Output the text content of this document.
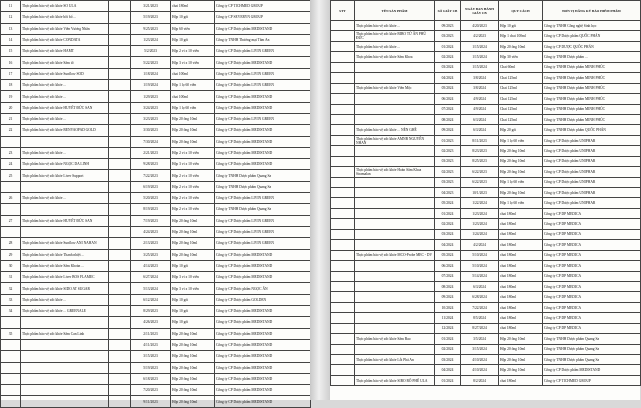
11	Thực phẩm bảo vệ sức khỏe SO ULA		3/21/2023	chai 180ml	Công ty CP TICHMED GROUP
12	Thực phẩm bảo vệ sức khỏe bồi bổ ...		5/19/2023	Hộp 10 gói	Công ty CP SEVERYN GROUP
13	Thực phẩm bảo vệ sức khỏe Viên Vương Nhân		9/25/2023	Hộp 60 viên	Công ty CP Dược phẩm MEDISTAND
14	Thực phẩm bảo vệ sức khỏe CONDATA		1/23/2024	Hộp 10 gói	Công ty TNHH Thương mại Tâm An
15	Thực phẩm bảo vệ sức khỏe HAMT		5/2/2023	Hộp 2 vỉ x 10 viên	Công ty CP Dược phẩm LIVIN GREEN
16	Thực phẩm bảo vệ sức khỏe Sâm tố		5/22/2023	Hộp 3 vỉ x 10 viên	Công ty CP Dược phẩm MEDISTAND
17	Thực phẩm bảo vệ sức khỏe Sunflow SOD		1/18/2024	chai 100ml	Công ty CP Dược phẩm LIVIN GREEN
18	Thực phẩm bảo vệ sức khỏe ...		1/19/2024	Hộp 1 lọ 60 viên	Công ty CP Dược phẩm LIVIN GREEN
19	Thực phẩm bảo vệ sức khỏe ...		1/29/2023	chai 100ml	Công ty CP Dược phẩm MEDISTAND
20	Thực phẩm bảo vệ sức khỏe HUYẾT ĐỨC SAN		3/24/2023	Hộp 1 lọ 60 viên	Công ty CP Dược phẩm MEDISTAND
21	Thực phẩm bảo vệ sức khỏe ...		3/23/2023	Hộp 20 ống 10ml	Công ty CP Dược phẩm LIVIN GREEN
22	Thực phẩm bảo vệ sức khỏe BENVAOPAD GOLD		3/30/2023	Hộp 20 ống 10ml	Công ty CP Dược phẩm MEDISTAND
			7/30/2024	Hộp 20 ống 10ml	Công ty CP Dược phẩm MEDISTAND
23	Thực phẩm bảo vệ sức khỏe ...		2/21/2023	Hộp 2 vỉ x 10 viên	Công ty CP Dược phẩm MEDISTAND
24	Thực phẩm bảo vệ sức khỏe NGỌC DA LINH		9/28/2023	Hộp 3 vỉ x 10 viên	Công ty CP Dược phẩm MEDISTAND
25	Thực phẩm bảo vệ sức khỏe Liver Support		7/22/2023	Hộp 2 vỉ x 10 viên	Công ty TNHH Dược phẩm Quang Sa
			6/19/2023	Hộp 2 vỉ x 10 viên	Công ty TNHH Dược phẩm Quang Sa
26	Thực phẩm bảo vệ sức khỏe ...		5/20/2023	Hộp 2 vỉ x 10 viên	Công ty CP Dược phẩm LIVIN GREEN
			8/19/2023	Hộp 2 vỉ x 10 viên	Công ty TNHH Dược phẩm Quang Sa
27	Thực phẩm bảo vệ sức khỏe HUYẾT ĐỨC SAN		7/19/2023	Hộp 20 ống 10ml	Công ty CP Dược phẩm LIVIN GREEN
			4/24/2023	Hộp 20 ống 10ml	Công ty CP Dược phẩm LIVIN GREEN
28	Thực phẩm bảo vệ sức khỏe Sunflow ANI NAHAN		2/13/2023	Hộp 20 ống 10ml	Công ty CP Dược phẩm LIVIN GREEN
29	Thực phẩm bảo vệ sức khỏe Thanh nhiệt ...		3/25/2023	Hộp 20 ống 10ml	Công ty CP Dược phẩm MEDISTAND
30	Thực phẩm bảo vệ sức khỏe Sâm Khoản ...		4/14/2023	Hộp 10 gói	Công ty CP Dược phẩm MEDISTAND
31	Thực phẩm bảo vệ sức khỏe Liver BOS FLAMEC		6/27/2024	Hộp 3 vỉ x 10 viên	Công ty CP Dược phẩm MEDISTAND
32	Thực phẩm bảo vệ sức khỏe SIDO AT SUGAR		5/13/2024	Hộp 3 vỉ x 10 viên	Công ty CP Dược phẩm NGỌC ÂN
33	Thực phẩm bảo vệ sức khỏe ...		6/12/2024	Hộp 10 gói	Công ty CP Dược phẩm GOLDEN
34	Thực phẩm bảo vệ sức khỏe ... GREENALE		8/29/2023	Hộp 10 gói	Công ty CP Dược phẩm MEDISTAND
			4/26/2023	Hộp 10 gói	Công ty CP Dược phẩm MEDISTAND
35	Thực phẩm bảo vệ sức khỏe Sâm Can Linh		2/11/2023	Hộp 20 ống 10ml	Công ty CP Dược phẩm MEDISTAND
			4/11/2023	Hộp 20 ống 10ml	Công ty CP Dược phẩm MEDISTAND
			3/15/2023	Hộp 20 ống 10ml	Công ty CP Dược phẩm MEDISTAND
			5/19/2023	Hộp 20 ống 10ml	Công ty CP Dược phẩm MEDISTAND
			6/18/2023	Hộp 20 ống 10ml	Công ty CP Dược phẩm MEDISTAND
			7/20/2023	Hộp 20 ống 10ml	Công ty CP Dược phẩm MEDISTAND
			9/11/2023	Hộp 20 ống 10ml	Công ty CP Dược phẩm MEDISTAND
STT	TÊN SẢN PHẨM	SỐ GIẤY CB	NGÀY BAN HÀNH GIẤY CB	QUY CÁCH	ĐƠN VỊ ĐĂNG KÝ BẢO HIỂM PHẨM
	Thực phẩm bảo vệ sức khỏe ...	09/2023	4/20/2023	Hộp 10 gói	Công ty TNHH Công nghệ Sinh học
	Thực phẩm bảo vệ sức khỏe BIBO TỨ ÂN PHÚ ĐỨC	03/2023	4/2/2023	Hộp 1 chai 100ml	Công ty CP Dược phẩm QUỐC PHÁN
	Thực phẩm bảo vệ sức khỏe ...	01/2024	1/15/2024	Hộp 20 ống 10ml	Công ty CP DƯỢC QUỐC PHÁN
	Thực phẩm bảo vệ sức khỏe Sâm Khoa	02/2024	1/15/2024	Hộp 30 viên	Công ty TNHH Dược phẩm ...
		03/2024	1/15/2024	Chai 60ml	Công ty TNHH Dược phẩm MINH PHÚC
		04/2024	3/8/2024	Chai 125ml	Công ty TNHH Dược phẩm MINH PHÚC
	Thực phẩm bảo vệ sức khỏe Viên Mộc	05/2024	3/8/2024	Chai 125ml	Công ty TNHH Dược phẩm MINH PHÚC
		06/2024	4/9/2024	Chai 125ml	Công ty TNHH Dược phẩm MINH PHÚC
		07/2024	4/9/2024	Chai 125ml	Công ty TNHH Dược phẩm MINH PHÚC
		08/2024	6/3/2024	Chai 125ml	Công ty TNHH Dược phẩm MINH PHÚC
	Thực phẩm bảo vệ sức khỏe ... NÈN GHỀ	09/2024	6/3/2024	Hộp 20 gói	Công ty TNHH Dược phẩm QUỐC PHÁN
	Thực phẩm bảo vệ sức khỏe AMNB NGUYÊN NHAN	01/2023	8/11/2023	Hộp 1 lọ 60 viên	Công ty CP Dược phẩm UNIPHAR
		02/2023	8/23/2023	Hộp 20 ống 10ml	Công ty CP Dược phẩm UNIPHAR
		03/2023	8/25/2023	Hộp 20 ống 10ml	Công ty CP Dược phẩm UNIPHAR
	Thực phẩm bảo vệ sức khỏe Hoàn Sâm Khoa Stramalan	02/2023	6/22/2023	Hộp 20 ống 10ml	Công ty CP Dược phẩm UNIPHAR
		03/2023	6/22/2023	Hộp 1 lọ 60 viên	Công ty CP Dược phẩm UNIPHAR
		04/2023	10/1/2023	Hộp 20 ống 10ml	Công ty CP Dược phẩm UNIPHAR
		05/2024	1/22/2024	Hộp 1 lọ 60 viên	Công ty CP Dược phẩm UNIPHAR
		01/2024	1/23/2024	chai 180ml	Công ty CP DP MEDICA
		02/2024	1/23/2024	chai 180ml	Công ty CP DP MEDICA
		03/2024	1/24/2024	chai 180ml	Công ty CP DP MEDICA
		04/2024	4/2/2024	chai 180ml	Công ty CP DP MEDICA
	Thực phẩm bảo vệ sức khỏe MCO-Probe MEC - DV	05/2024	5/10/2024	chai 180ml	Công ty CP DP MEDICA
		06/2024	5/10/2024	chai 180ml	Công ty CP DP MEDICA
		07/2024	5/14/2024	chai 180ml	Công ty CP DP MEDICA
		08/2024	6/3/2024	chai 180ml	Công ty CP DP MEDICA
		09/2024	6/28/2024	chai 180ml	Công ty CP DP MEDICA
		10/2024	7/22/2024	chai 180ml	Công ty CP DP MEDICA
		11/2024	8/5/2024	chai 180ml	Công ty CP DP MEDICA
		12/2024	8/27/2024	chai 180ml	Công ty CP DP MEDICA
	Thực phẩm bảo vệ sức khỏe Sâm Bao	01/2024	3/5/2024	Hộp 20 ống 10ml	Công ty TNHH Dược phẩm Quang Sa
		02/2024	3/15/2024	Hộp 20 ống 10ml	Công ty TNHH Dược phẩm Quang Sa
	Thực phẩm bảo vệ sức khỏe Lỗi Phá An	03/2024	4/10/2024	Hộp 20 ống 10ml	Công ty TNHH Dược phẩm Quang Sa
		04/2024	4/10/2024	Hộp 20 ống 10ml	Công ty CP Dược phẩm MEDISTAND
	Thực phẩm bảo vệ sức khỏe SIBO BỔ PHẾ ULA	01/2024	8/2/2024	chai 180ml	Công ty CP TICHMED GROUP
